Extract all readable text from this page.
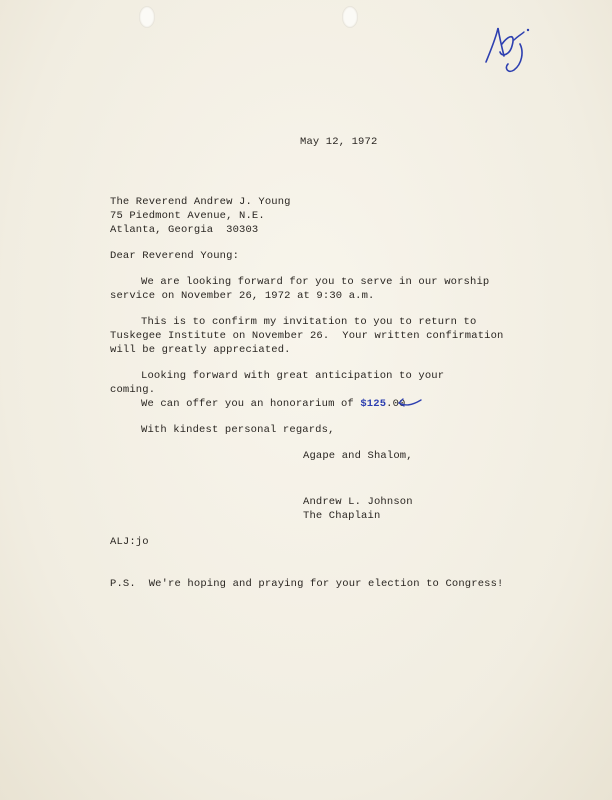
May 12, 1972
The Reverend Andrew J. Young
75 Piedmont Avenue, N.E.
Atlanta, Georgia  30303
Dear Reverend Young:
We are looking forward for you to serve in our worship
service on November 26, 1972 at 9:30 a.m.
This is to confirm my invitation to you to return to
Tuskegee Institute on November 26.  Your written confirmation
will be greatly appreciated.
Looking forward with great anticipation to your
coming.
We can offer you an honorarium of $125.00
With kindest personal regards,
Agape and Shalom,
Andrew L. Johnson
The Chaplain
ALJ:jo
P.S.  We're hoping and praying for your election to Congress!
